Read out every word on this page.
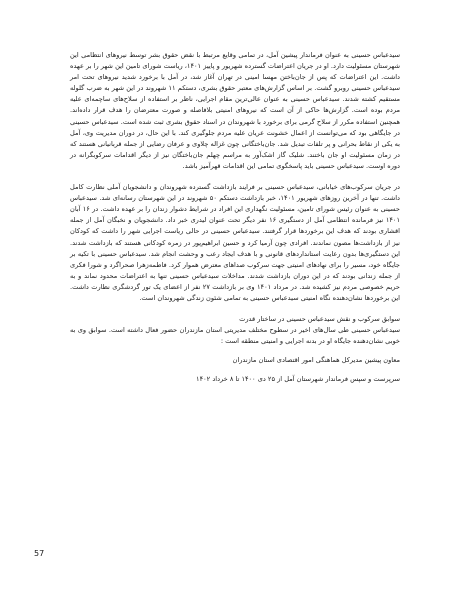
سیدعباس حسینی به عنوان فرماندار پیشین آمل، در تمامی وقایع مرتبط با نقض حقوق بشر توسط نیروهای انتظامی این شهرستان مسئولیت دارد. او در جریان اعتراضات گسترده شهریور و پاییز ۱۴۰۱، ریاست شورای تامین این شهر را بر عهده داشت. این اعتراضات که پس از جان‌باختن مهسا امینی در تهران آغاز شد، در آمل با برخورد شدید نیروهای تحت امر سیدعباس حسینی روبرو گشت. بر اساس گزارش‌های معتبر حقوق بشری، دستکم ۱۱ شهروند در این شهر به ضرب گلوله مستقیم کشته شدند. سیدعباس حسینی به عنوان عالی‌ترین مقام اجرایی، ناظر بر استفاده از سلاح‌های ساچمه‌ای علیه مردم بوده است. گزارش‌ها حاکی از آن است که نیروهای امنیتی بلافاصله و صورت معترضان را هدف قرار داده‌اند. همچنین استفاده مکرر از سلاح گرمی برای برخورد با شهروندان در اسناد حقوق بشری ثبت شده است. سیدعباس حسینی در جایگاهی بود که می‌توانست از اعمال خشونت عریان علیه مردم جلوگیری کند. با این حال، در دوران مدیریت وی، آمل به یکی از نقاط بحرانی و پر تلفات تبدیل شد. جان‌باختگانی چون غزاله چلاوی و عرفان رضایی از جمله قربانیانی هستند که در زمان مسئولیت او جان باختند. شلیک گاز اشک‌آور به مراسم چهلم جان‌باختگان نیز از دیگر اقدامات سرکوبگرانه در دوره اوست. سیدعباس حسینی باید پاسخگوی تمامی این اقدامات قهرآمیز باشد.

در جریان سرکوب‌های خیابانی، سیدعباس حسینی بر فرایند بازداشت گسترده شهروندان و دانشجویان آملی نظارت کامل داشت. تنها در آخرین روزهای شهریور ۱۴۰۱، خبر بازداشت دستکم ۵۰ شهروند در این شهرستان رسانه‌ای شد. سیدعباس حسینی به عنوان رئیس شورای تامین، مسئولیت نگهداری این افراد در شرایط دشوار زندان را بر عهده داشت. در ۱۶ آبان ۱۴۰۱ نیز فرمانده انتظامی آمل از دستگیری ۱۶ نفر دیگر تحت عنوان لیدری خبر داد. دانشجویان و نخبگان آمل از جمله اقشاری بودند که هدف این برخوردها قرار گرفتند. سیدعباس حسینی در حالی ریاست اجرایی شهر را داشت که کودکان نیز از بازداشت‌ها مصون نماندند. افرادی چون آرمیا کرد و حسین ابراهیم‌پور در زمره کودکانی هستند که بازداشت شدند. این دستگیری‌ها بدون رعایت استانداردهای قانونی و با هدف ایجاد رعب و وحشت انجام شد. سیدعباس حسینی با تکیه بر جایگاه خود، مسیر را برای نهادهای امنیتی جهت سرکوب صداهای معترض هموار کرد. فاطمه‌زهرا صحراگرد و شورا فکری از جمله زندانی بودند که در این دوران بازداشت شدند. مداخلات سیدعباس حسینی تنها به اعتراضات محدود نماند و به حریم خصوصی مردم نیز کشیده شد. در مرداد ۱۴۰۱ وی بر بازداشت ۲۷ نفر از اعضای یک تور گردشگری نظارت داشت. این برخوردها نشان‌دهنده نگاه امنیتی سیدعباس حسینی به تمامی شئون زندگی شهروندان است.

سوابق سرکوب و نقش سیدعباس حسینی در ساختار قدرت

سیدعباس حسینی طی سال‌های اخیر در سطوح مختلف مدیریتی استان مازندران حضور فعال داشته است. سوابق وی به خوبی نشان‌دهنده جایگاه او در بدنه اجرایی و امنیتی منطقه است :

معاون پیشین مدیرکل هماهنگی امور اقتصادی استان مازندران

سرپرست و سپس فرماندار شهرستان آمل از ۲۵ دی ۱۴۰۰ تا ۸ خرداد ۱۴۰۲

57
